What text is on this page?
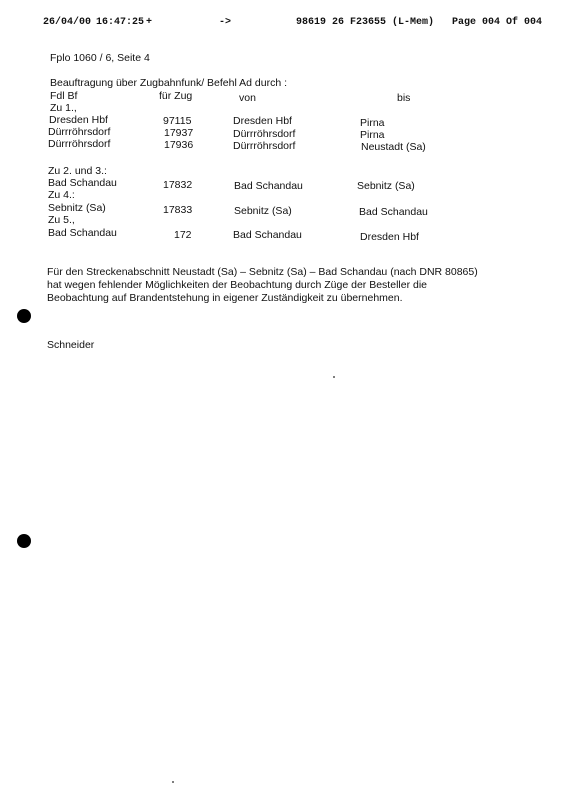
26/04/00 16:47:25 +	->	98619 26 F23655 (L-Mem) Page 004 Of 004
Fplo 1060 / 6, Seite 4
Beauftragung über Zugbahnfunk/ Befehl Ad durch :
Fdl Bf	für Zug	von	bis
Zu 1.,
Dresden Hbf	97115	Dresden Hbf	Pirna
Dürrröhrsdorf	17937	Dürrröhrsdorf	Pirna
Dürrröhrsdorf	17936	Dürrröhrsdorf	Neustadt (Sa)
Zu 2. und 3.:
Bad Schandau	17832	Bad Schandau	Sebnitz (Sa)
Zu 4.:
Sebnitz (Sa)	17833	Sebnitz (Sa)	Bad Schandau
Zu 5.,
Bad Schandau	172	Bad Schandau	Dresden Hbf
Für den Streckenabschnitt Neustadt (Sa) – Sebnitz (Sa) – Bad Schandau (nach DNR 80865)
hat wegen fehlender Möglichkeiten der Beobachtung durch Züge der Besteller die
Beobachtung auf Brandentstehung in eigener Zuständigkeit zu übernehmen.
Schneider
